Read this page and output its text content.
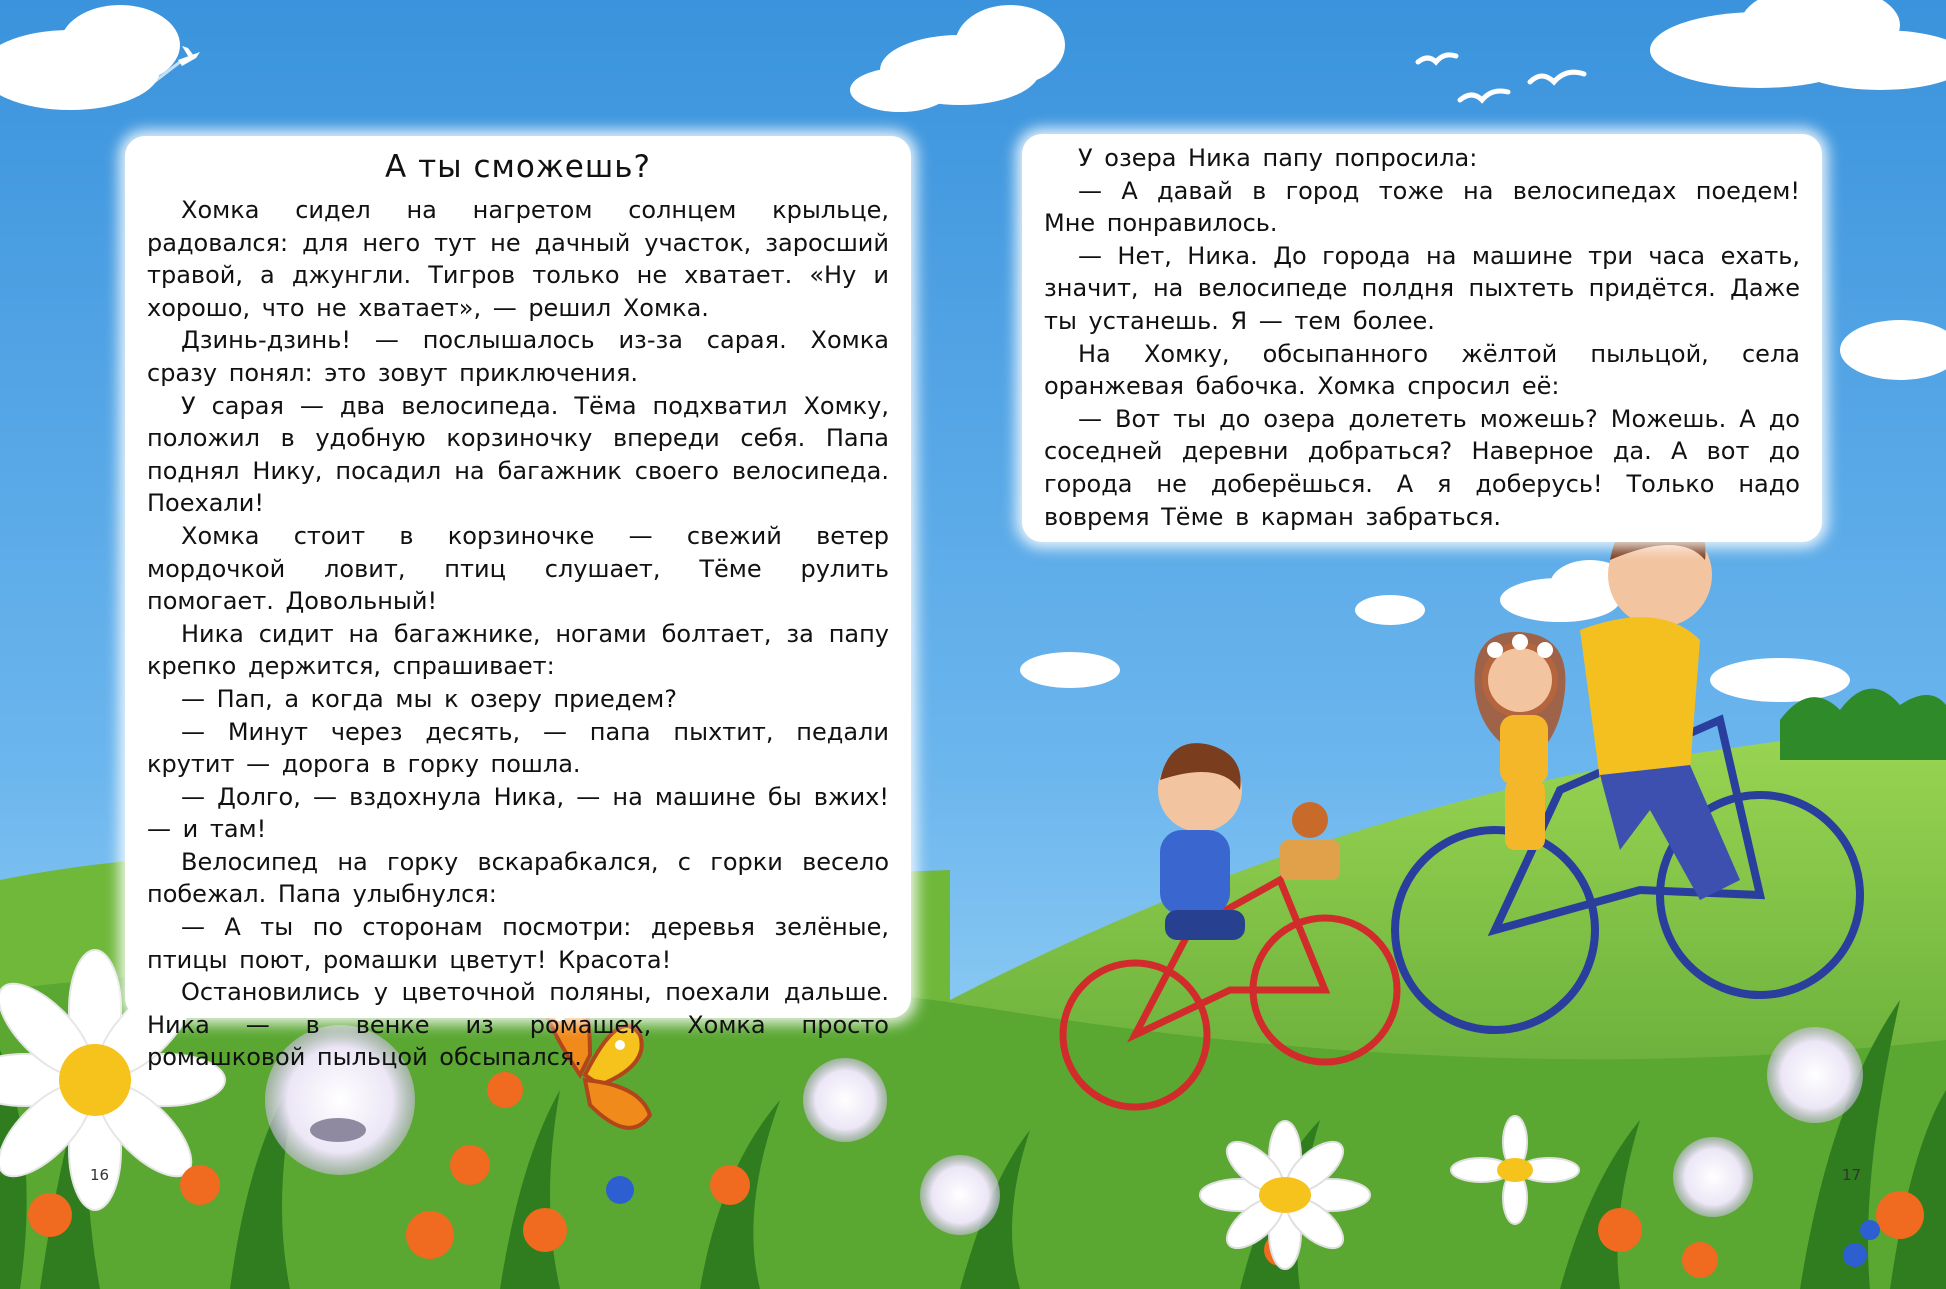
А ты сможешь?

Хомка сидел на нагретом солнцем крыльце, радовался: для него тут не дачный участок, заросший травой, а джунгли. Тигров только не хватает. «Ну и хорошо, что не хватает», — решил Хомка.

Дзинь-дзинь! — послышалось из-за сарая. Хомка сразу понял: это зовут приключения.

У сарая — два велосипеда. Тёма подхватил Хомку, положил в удобную корзиночку впереди себя. Папа поднял Нику, посадил на багажник своего велосипеда. Поехали!

Хомка стоит в корзиночке — свежий ветер мордочкой ловит, птиц слушает, Тёме рулить помогает. Довольный!

Ника сидит на багажнике, ногами болтает, за папу крепко держится, спрашивает:

— Пап, а когда мы к озеру приедем?

— Минут через десять, — папа пыхтит, педали крутит — дорога в горку пошла.

— Долго, — вздохнула Ника, — на машине бы вжих! — и там!

Велосипед на горку вскарабкался, с горки весело побежал. Папа улыбнулся:

— А ты по сторонам посмотри: деревья зелёные, птицы поют, ромашки цветут! Красота!

Остановились у цветочной поляны, поехали дальше. Ника — в венке из ромашек, Хомка просто ромашковой пыльцой обсыпался.

У озера Ника папу попросила:

— А давай в город тоже на велосипедах поедем! Мне понравилось.

— Нет, Ника. До города на машине три часа ехать, значит, на велосипеде полдня пыхтеть придётся. Даже ты устанешь. Я — тем более.

На Хомку, обсыпанного жёлтой пыльцой, села оранжевая бабочка. Хомка спросил её:

— Вот ты до озера долететь можешь? Можешь. А до соседней деревни добраться? Наверное да. А вот до города не доберёшься. А я доберусь! Только надо вовремя Тёме в карман забраться.

16	17
